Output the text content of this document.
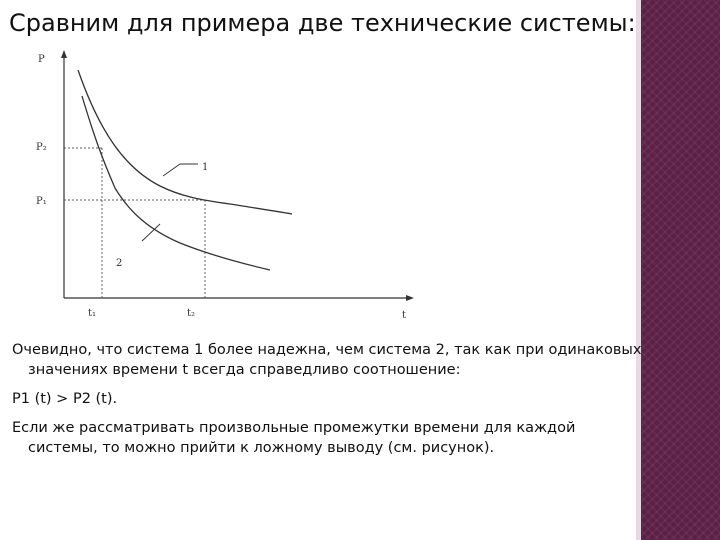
Сравним для примера две технические системы:
P
P₂
P₁
1
2
t₁	t₂	t
Очевидно, что система 1 более надежна, чем система 2, так как при одинаковых значениях времени t всегда справедливо соотношение:
Р1 (t) > P2 (t).
Если же рассматривать произвольные промежутки времени для каждой системы, то можно прийти к ложному выводу (см. рисунок).
